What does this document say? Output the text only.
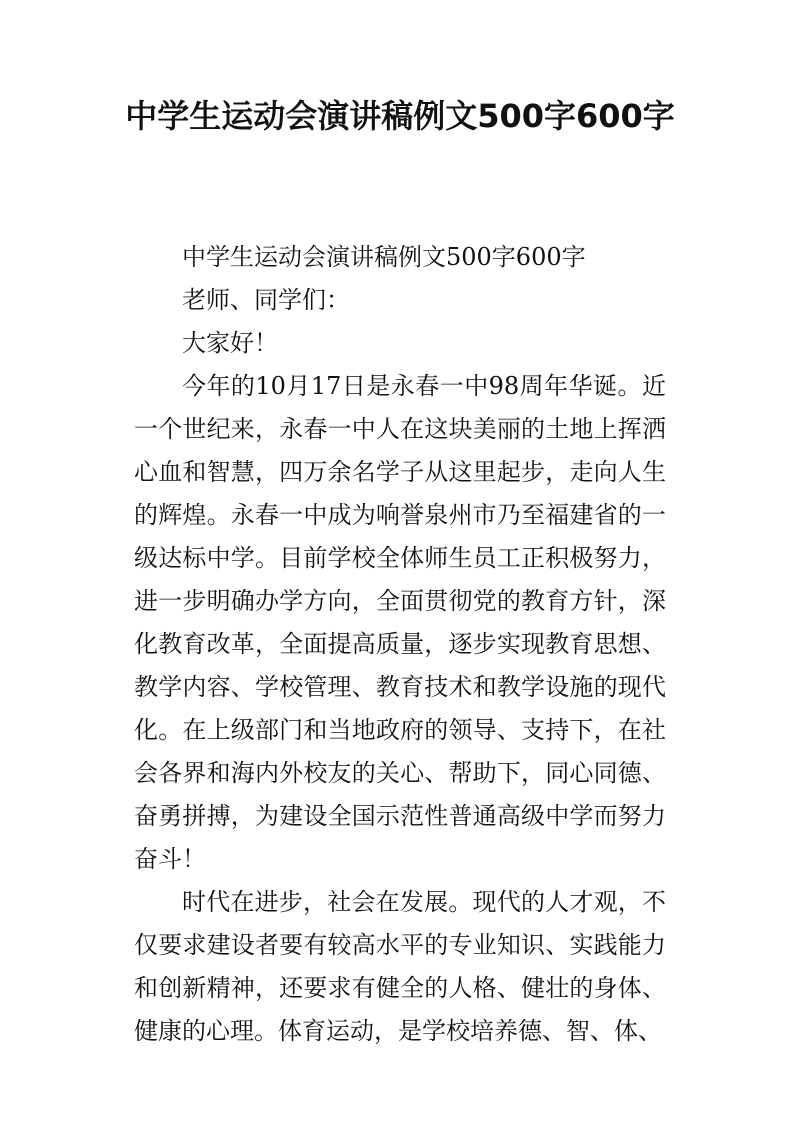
中学生运动会演讲稿例文500字600字

中学生运动会演讲稿例文500字600字

老师、同学们：

大家好！

今年的10月17日是永春一中98周年华诞。近一个世纪来，永春一中人在这块美丽的土地上挥洒心血和智慧，四万余名学子从这里起步，走向人生的辉煌。永春一中成为响誉泉州市乃至福建省的一级达标中学。目前学校全体师生员工正积极努力，进一步明确办学方向，全面贯彻党的教育方针，深化教育改革，全面提高质量，逐步实现教育思想、教学内容、学校管理、教育技术和教学设施的现代化。在上级部门和当地政府的领导、支持下，在社会各界和海内外校友的关心、帮助下，同心同德、奋勇拼搏，为建设全国示范性普通高级中学而努力奋斗！

时代在进步，社会在发展。现代的人才观，不仅要求建设者要有较高水平的专业知识、实践能力和创新精神，还要求有健全的人格、健壮的身体、健康的心理。体育运动，是学校培养德、智、体、
